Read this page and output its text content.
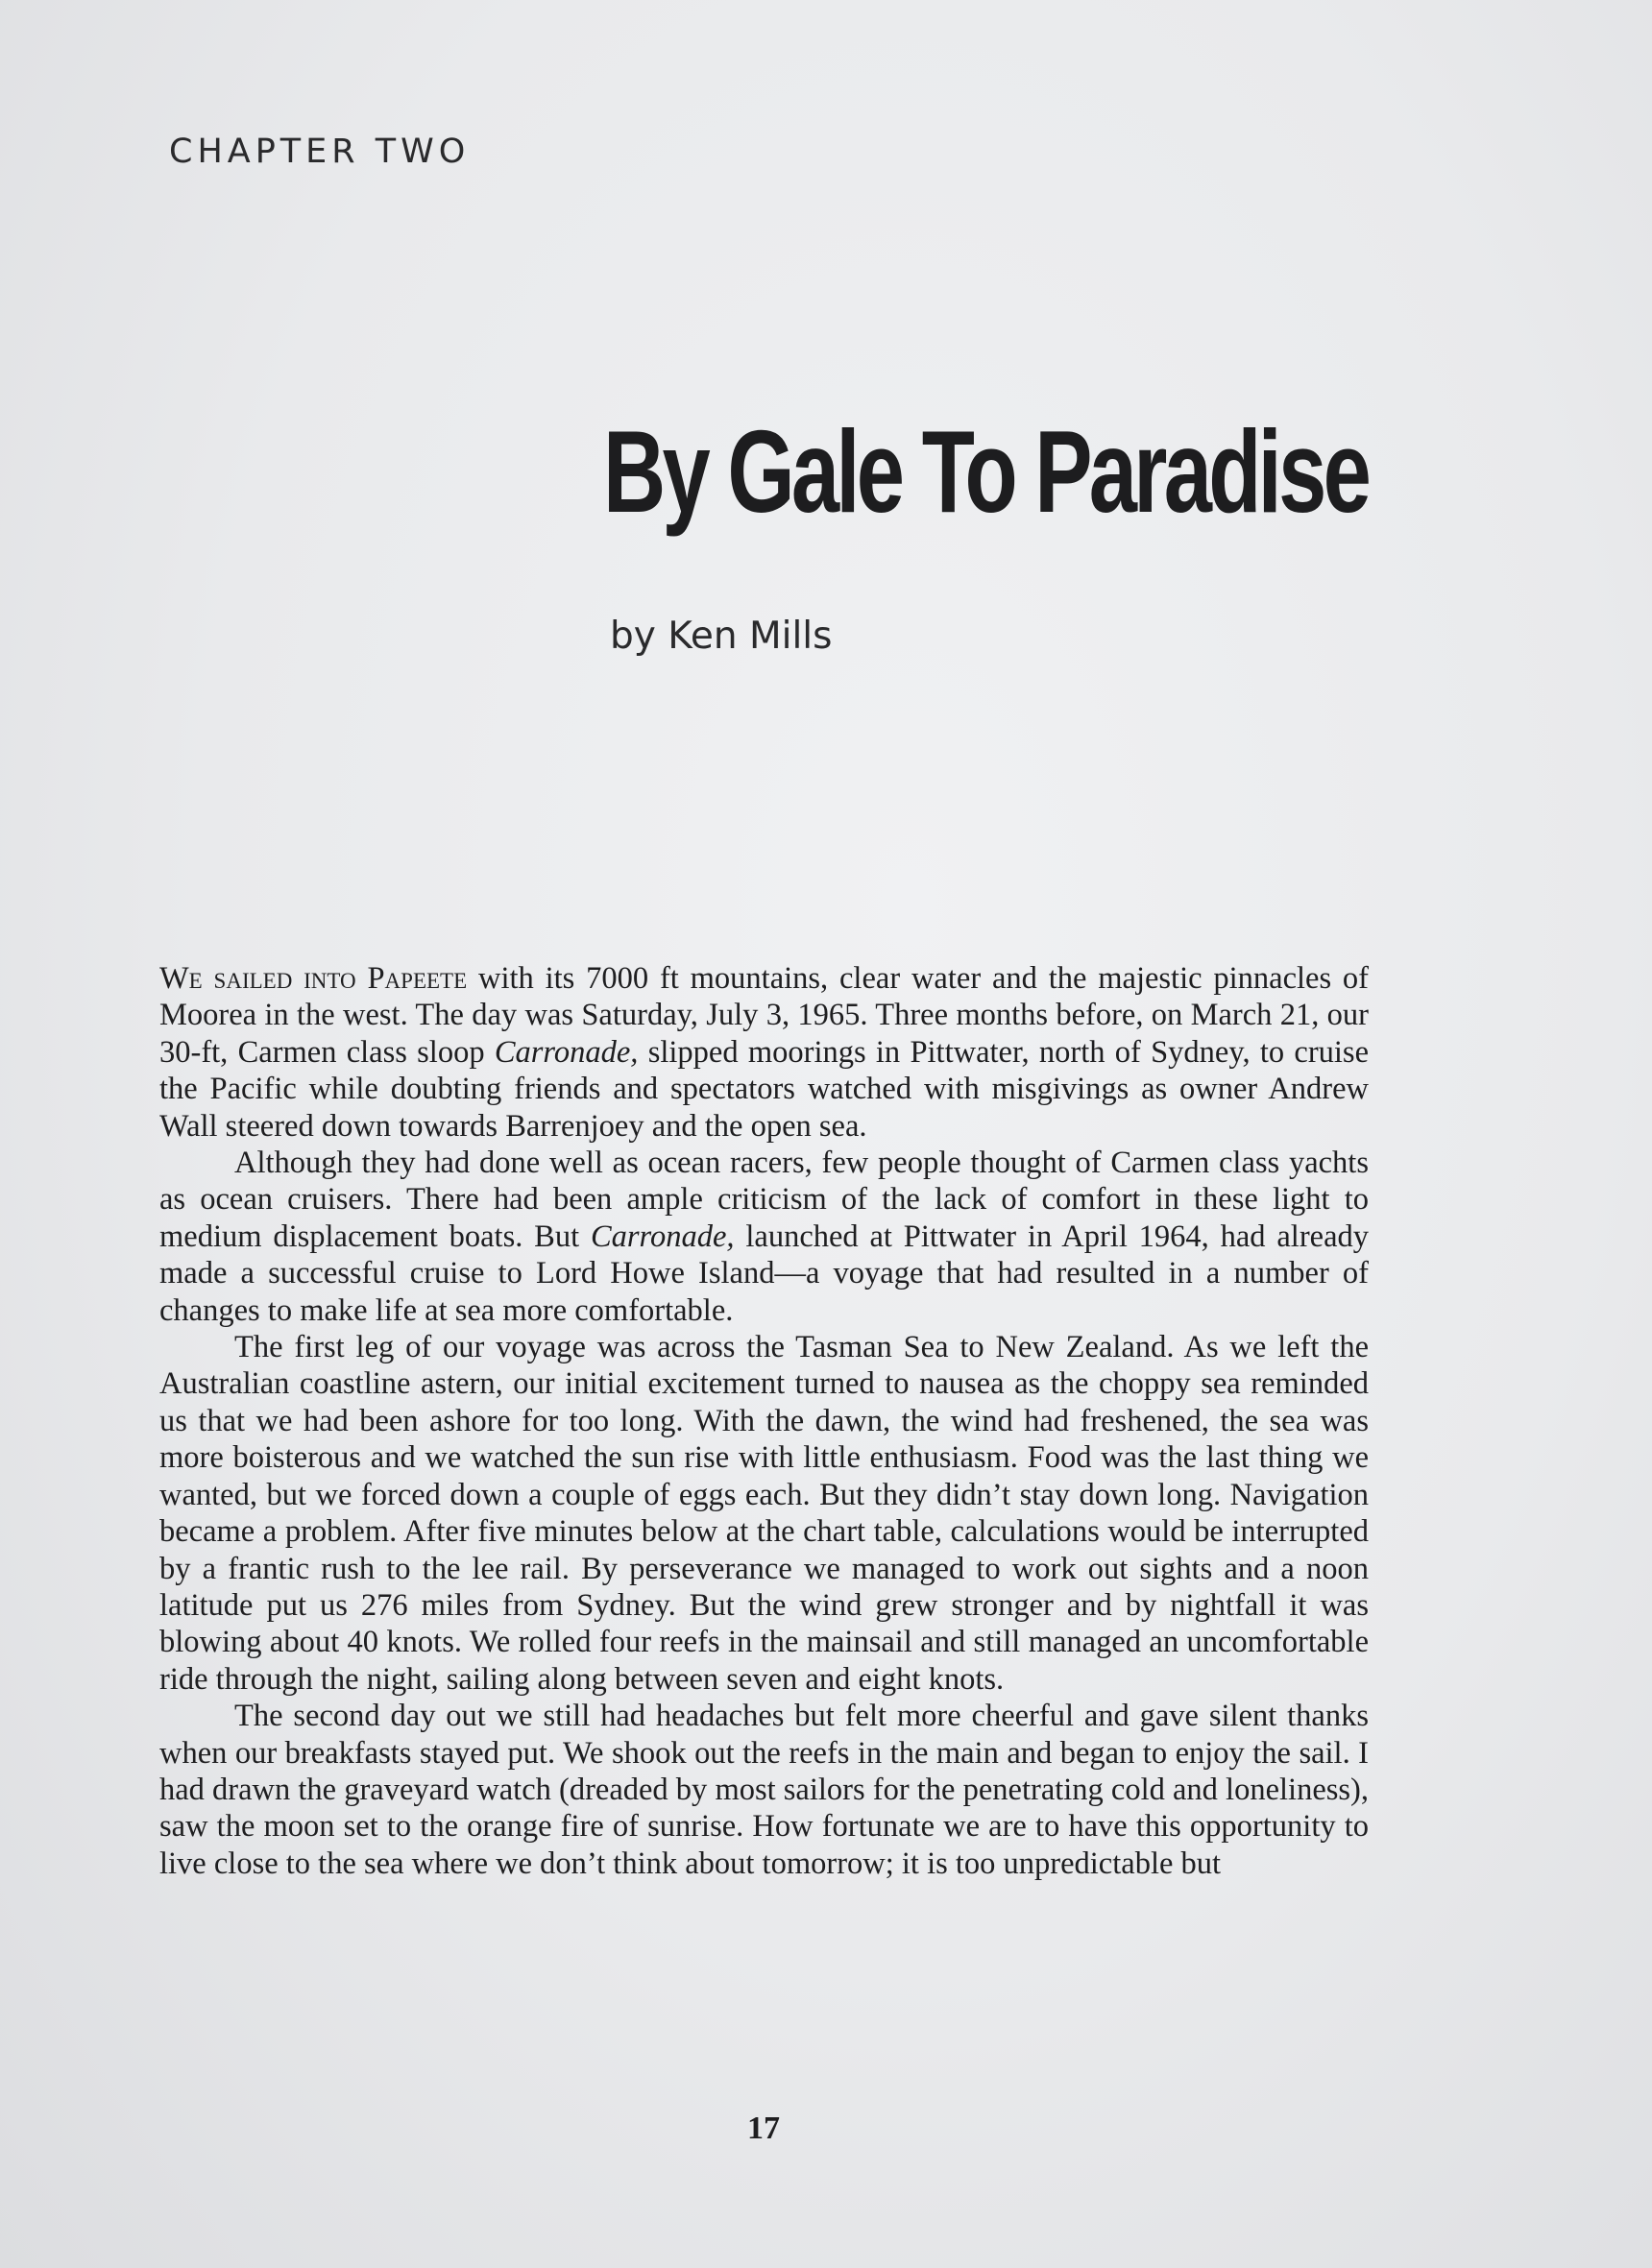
CHAPTER TWO
By Gale To Paradise

by Ken Mills

We sailed into Papeete with its 7000 ft mountains, clear water and the majestic pinnacles of Moorea in the west. The day was Saturday, July 3, 1965. Three months before, on March 21, our 30-ft, Carmen class sloop Carronade, slipped moorings in Pittwater, north of Sydney, to cruise the Pacific while doubting friends and spectators watched with misgivings as owner Andrew Wall steered down towards Barrenjoey and the open sea.

Although they had done well as ocean racers, few people thought of Carmen class yachts as ocean cruisers. There had been ample criticism of the lack of comfort in these light to medium displacement boats. But Carronade, launched at Pittwater in April 1964, had already made a successful cruise to Lord Howe Island—a voyage that had resulted in a number of changes to make life at sea more comfortable.

The first leg of our voyage was across the Tasman Sea to New Zealand. As we left the Australian coastline astern, our initial excitement turned to nausea as the choppy sea reminded us that we had been ashore for too long. With the dawn, the wind had freshened, the sea was more boisterous and we watched the sun rise with little enthusiasm. Food was the last thing we wanted, but we forced down a couple of eggs each. But they didn’t stay down long. Navigation became a problem. After five minutes below at the chart table, calculations would be interrupted by a frantic rush to the lee rail. By perseverance we managed to work out sights and a noon latitude put us 276 miles from Sydney. But the wind grew stronger and by nightfall it was blowing about 40 knots. We rolled four reefs in the mainsail and still managed an uncomfortable ride through the night, sailing along between seven and eight knots.

The second day out we still had headaches but felt more cheerful and gave silent thanks when our breakfasts stayed put. We shook out the reefs in the main and began to enjoy the sail. I had drawn the graveyard watch (dreaded by most sailors for the penetrating cold and loneliness), saw the moon set to the orange fire of sunrise. How fortunate we are to have this opportunity to live close to the sea where we don’t think about tomorrow; it is too unpredictable but

17
